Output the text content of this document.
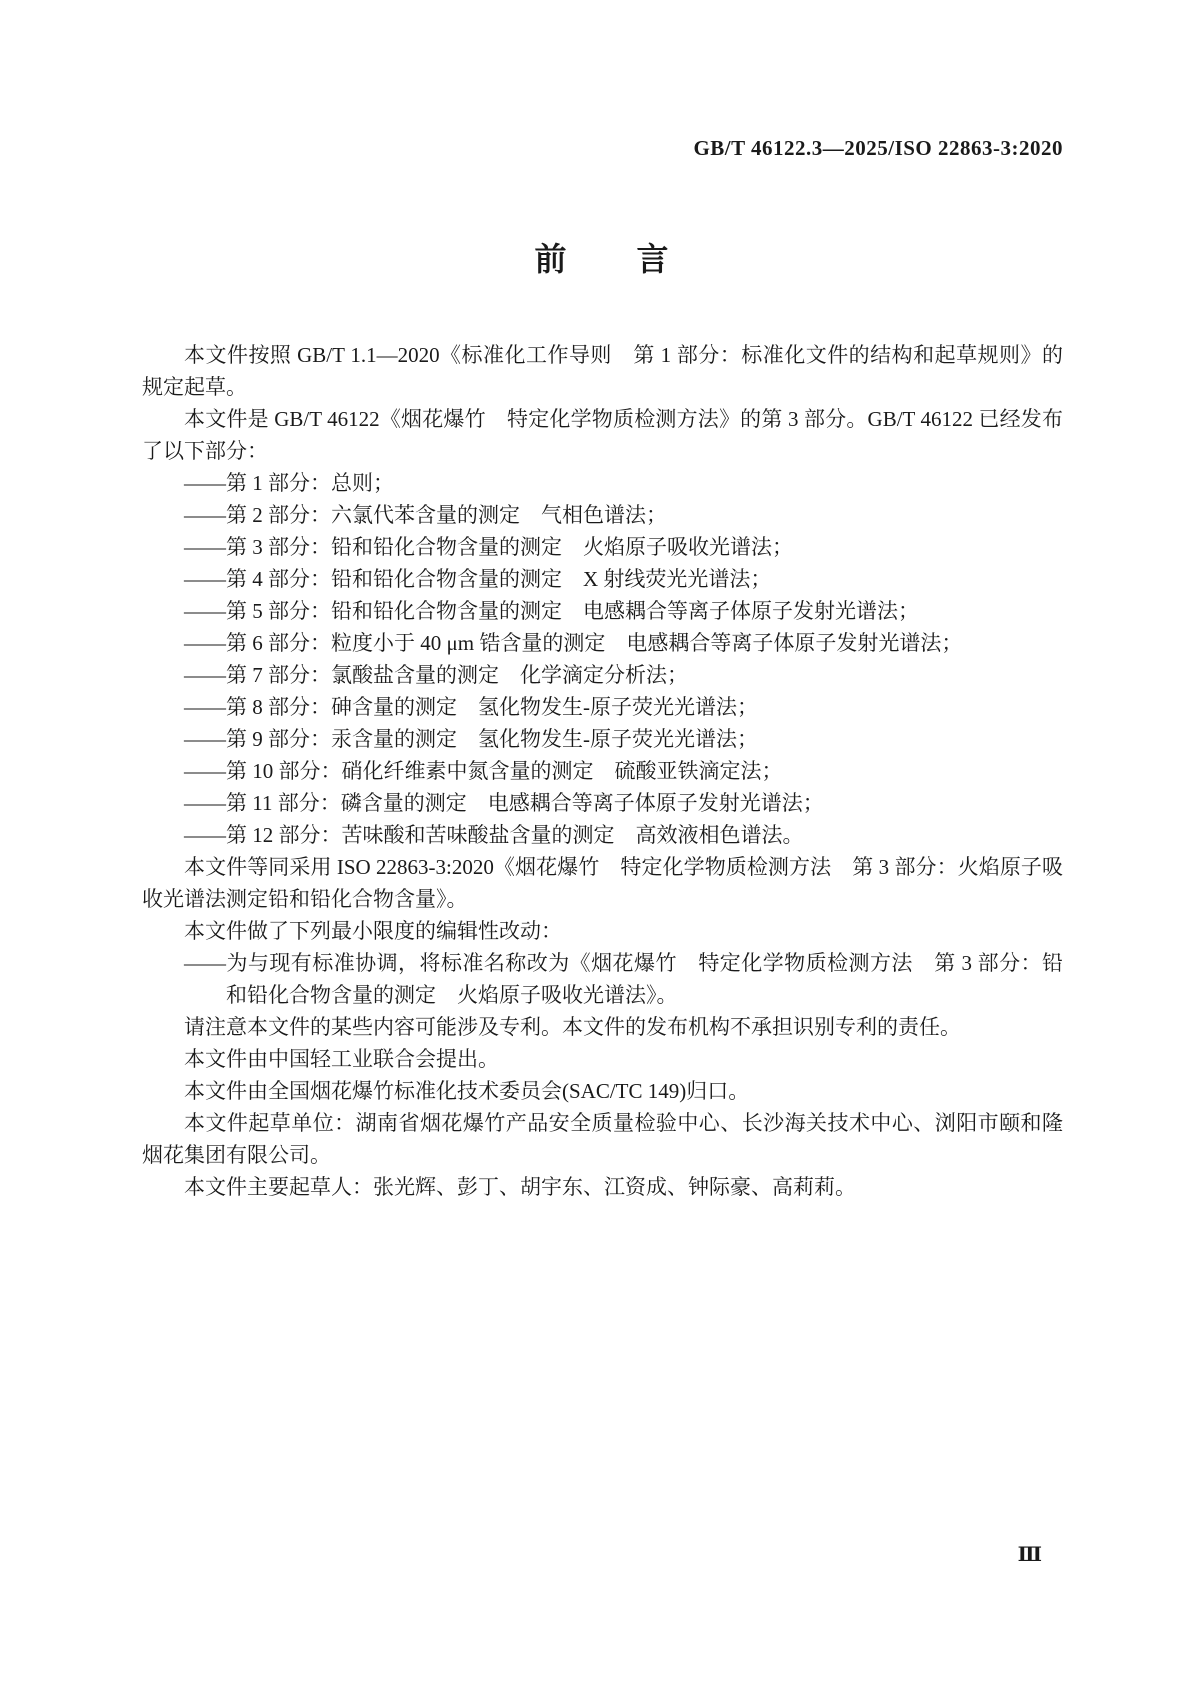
GB/T 46122.3—2025/ISO 22863-3:2020
前　　言
本文件按照 GB/T 1.1—2020《标准化工作导则　第 1 部分：标准化文件的结构和起草规则》的规定起草。
本文件是 GB/T 46122《烟花爆竹　特定化学物质检测方法》的第 3 部分。GB/T 46122 已经发布了以下部分：
——第 1 部分：总则；
——第 2 部分：六氯代苯含量的测定　气相色谱法；
——第 3 部分：铅和铅化合物含量的测定　火焰原子吸收光谱法；
——第 4 部分：铅和铅化合物含量的测定　X 射线荧光光谱法；
——第 5 部分：铅和铅化合物含量的测定　电感耦合等离子体原子发射光谱法；
——第 6 部分：粒度小于 40 μm 锆含量的测定　电感耦合等离子体原子发射光谱法；
——第 7 部分：氯酸盐含量的测定　化学滴定分析法；
——第 8 部分：砷含量的测定　氢化物发生-原子荧光光谱法；
——第 9 部分：汞含量的测定　氢化物发生-原子荧光光谱法；
——第 10 部分：硝化纤维素中氮含量的测定　硫酸亚铁滴定法；
——第 11 部分：磷含量的测定　电感耦合等离子体原子发射光谱法；
——第 12 部分：苦味酸和苦味酸盐含量的测定　高效液相色谱法。
本文件等同采用 ISO 22863-3:2020《烟花爆竹　特定化学物质检测方法　第 3 部分：火焰原子吸收光谱法测定铅和铅化合物含量》。
本文件做了下列最小限度的编辑性改动：
——为与现有标准协调，将标准名称改为《烟花爆竹　特定化学物质检测方法　第 3 部分：铅和铅化合物含量的测定　火焰原子吸收光谱法》。
请注意本文件的某些内容可能涉及专利。本文件的发布机构不承担识别专利的责任。
本文件由中国轻工业联合会提出。
本文件由全国烟花爆竹标准化技术委员会(SAC/TC 149)归口。
本文件起草单位：湖南省烟花爆竹产品安全质量检验中心、长沙海关技术中心、浏阳市颐和隆烟花集团有限公司。
本文件主要起草人：张光辉、彭丁、胡宇东、江资成、钟际豪、高莉莉。
Ⅲ
